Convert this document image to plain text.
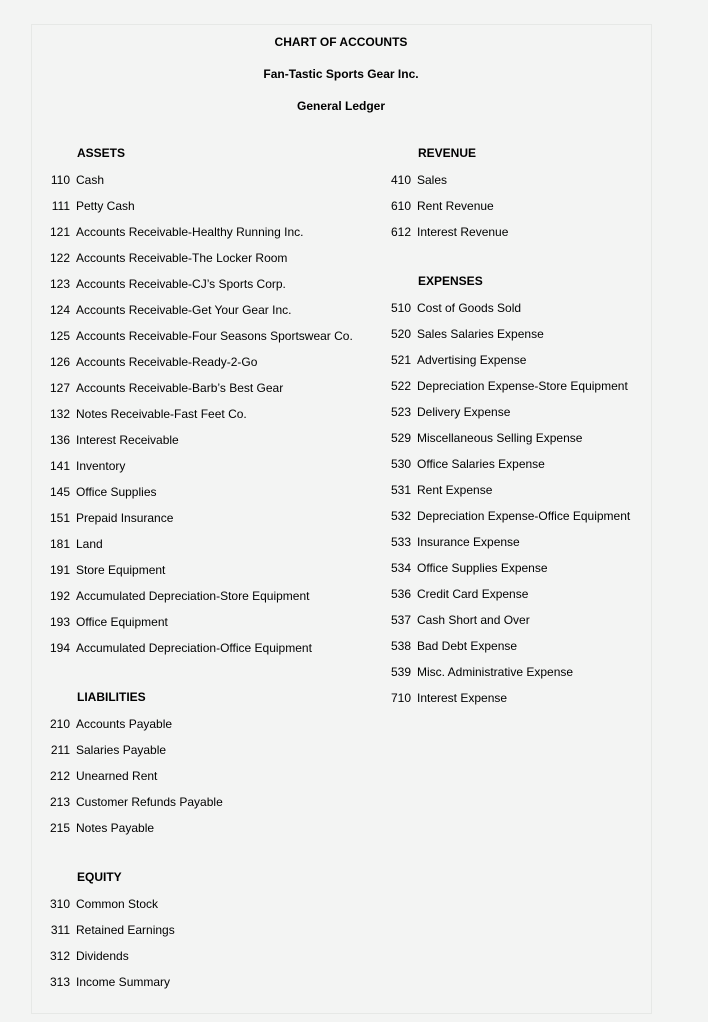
CHART OF ACCOUNTS
Fan-Tastic Sports Gear Inc.
General Ledger
ASSETS
110 Cash
111 Petty Cash
121 Accounts Receivable-Healthy Running Inc.
122 Accounts Receivable-The Locker Room
123 Accounts Receivable-CJ’s Sports Corp.
124 Accounts Receivable-Get Your Gear Inc.
125 Accounts Receivable-Four Seasons Sportswear Co.
126 Accounts Receivable-Ready-2-Go
127 Accounts Receivable-Barb’s Best Gear
132 Notes Receivable-Fast Feet Co.
136 Interest Receivable
141 Inventory
145 Office Supplies
151 Prepaid Insurance
181 Land
191 Store Equipment
192 Accumulated Depreciation-Store Equipment
193 Office Equipment
194 Accumulated Depreciation-Office Equipment
LIABILITIES
210 Accounts Payable
211 Salaries Payable
212 Unearned Rent
213 Customer Refunds Payable
215 Notes Payable
EQUITY
310 Common Stock
311 Retained Earnings
312 Dividends
313 Income Summary
REVENUE
410 Sales
610 Rent Revenue
612 Interest Revenue
EXPENSES
510 Cost of Goods Sold
520 Sales Salaries Expense
521 Advertising Expense
522 Depreciation Expense-Store Equipment
523 Delivery Expense
529 Miscellaneous Selling Expense
530 Office Salaries Expense
531 Rent Expense
532 Depreciation Expense-Office Equipment
533 Insurance Expense
534 Office Supplies Expense
536 Credit Card Expense
537 Cash Short and Over
538 Bad Debt Expense
539 Misc. Administrative Expense
710 Interest Expense
